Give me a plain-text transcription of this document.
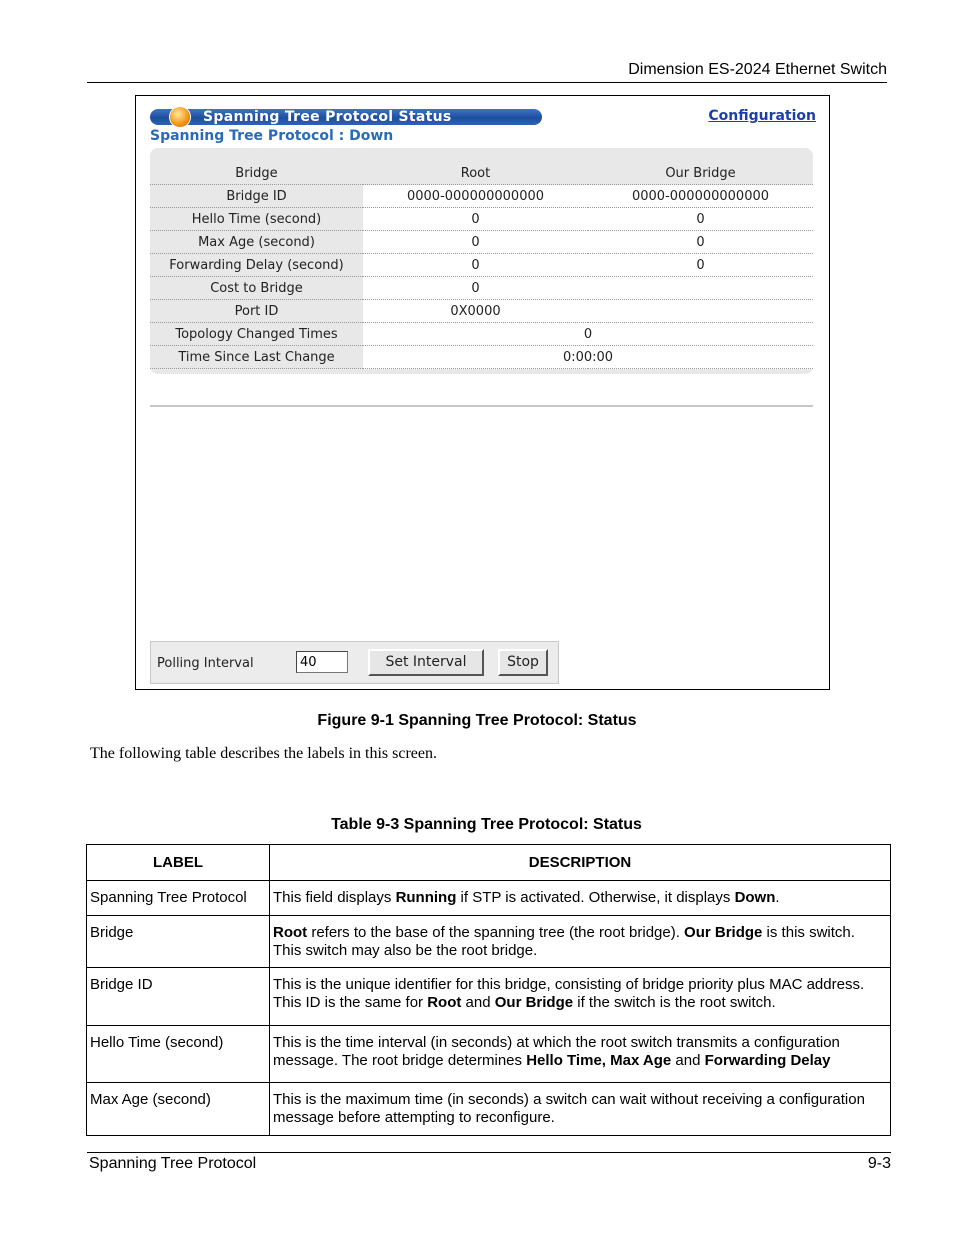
Dimension ES-2024 Ethernet Switch
Spanning Tree Protocol Status
Spanning Tree Protocol : Down
Configuration
Bridge	Root	Our Bridge
Bridge ID	0000-000000000000	0000-000000000000
Hello Time (second)	0	0
Max Age (second)	0	0
Forwarding Delay (second)	0	0
Cost to Bridge	0	
Port ID	0X0000	
Topology Changed Times	0	
Time Since Last Change	0:00:00	
Polling Interval
40	Set Interval	Stop
Figure 9-1 Spanning Tree Protocol: Status
The following table describes the labels in this screen.
Table 9-3 Spanning Tree Protocol: Status
LABEL	DESCRIPTION
Spanning Tree Protocol	This field displays Running if STP is activated. Otherwise, it displays Down.
Bridge	Root refers to the base of the spanning tree (the root bridge). Our Bridge is this switch. This switch may also be the root bridge.
Bridge ID	This is the unique identifier for this bridge, consisting of bridge priority plus MAC address. This ID is the same for Root and Our Bridge if the switch is the root switch.
Hello Time (second)	This is the time interval (in seconds) at which the root switch transmits a configuration message. The root bridge determines Hello Time, Max Age and Forwarding Delay
Max Age (second)	This is the maximum time (in seconds) a switch can wait without receiving a configuration message before attempting to reconfigure.
Spanning Tree Protocol	9-3
